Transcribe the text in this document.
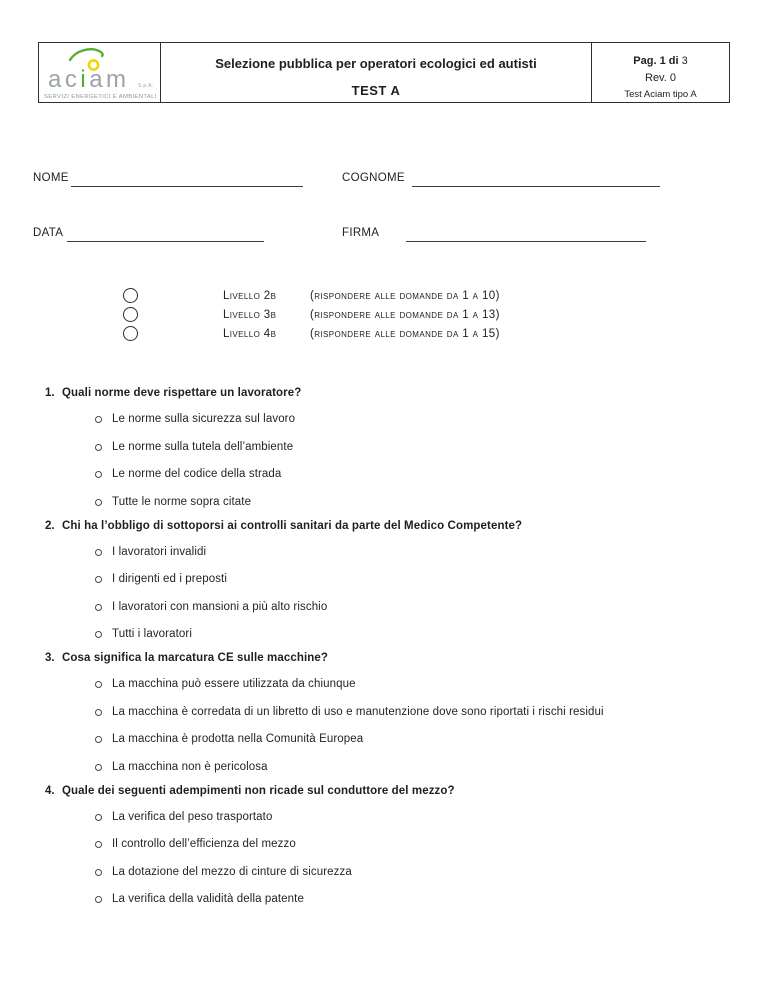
aciam S.p.A.
SERVIZI ENERGETICI E AMBIENTALI
Selezione pubblica per operatori ecologici ed autisti
TEST A
Pag. 1 di 3
Rev. 0
Test Aciam tipo A
NOME	COGNOME
DATA	FIRMA
Livello 2b	(rispondere alle domande da 1 a 10)
Livello 3b	(rispondere alle domande da 1 a 13)
Livello 4b	(rispondere alle domande da 1 a 15)
1. Quali norme deve rispettare un lavoratore?
Le norme sulla sicurezza sul lavoro
Le norme sulla tutela dell’ambiente
Le norme del codice della strada
Tutte le norme sopra citate
2. Chi ha l’obbligo di sottoporsi ai controlli sanitari da parte del Medico Competente?
I lavoratori invalidi
I dirigenti ed i preposti
I lavoratori con mansioni a più alto rischio
Tutti i lavoratori
3. Cosa significa la marcatura CE sulle macchine?
La macchina può essere utilizzata da chiunque
La macchina è corredata di un libretto di uso e manutenzione dove sono riportati i rischi residui
La macchina è prodotta nella Comunità Europea
La macchina non è pericolosa
4. Quale dei seguenti adempimenti non ricade sul conduttore del mezzo?
La verifica del peso trasportato
Il controllo dell’efficienza del mezzo
La dotazione del mezzo di cinture di sicurezza
La verifica della validità della patente
